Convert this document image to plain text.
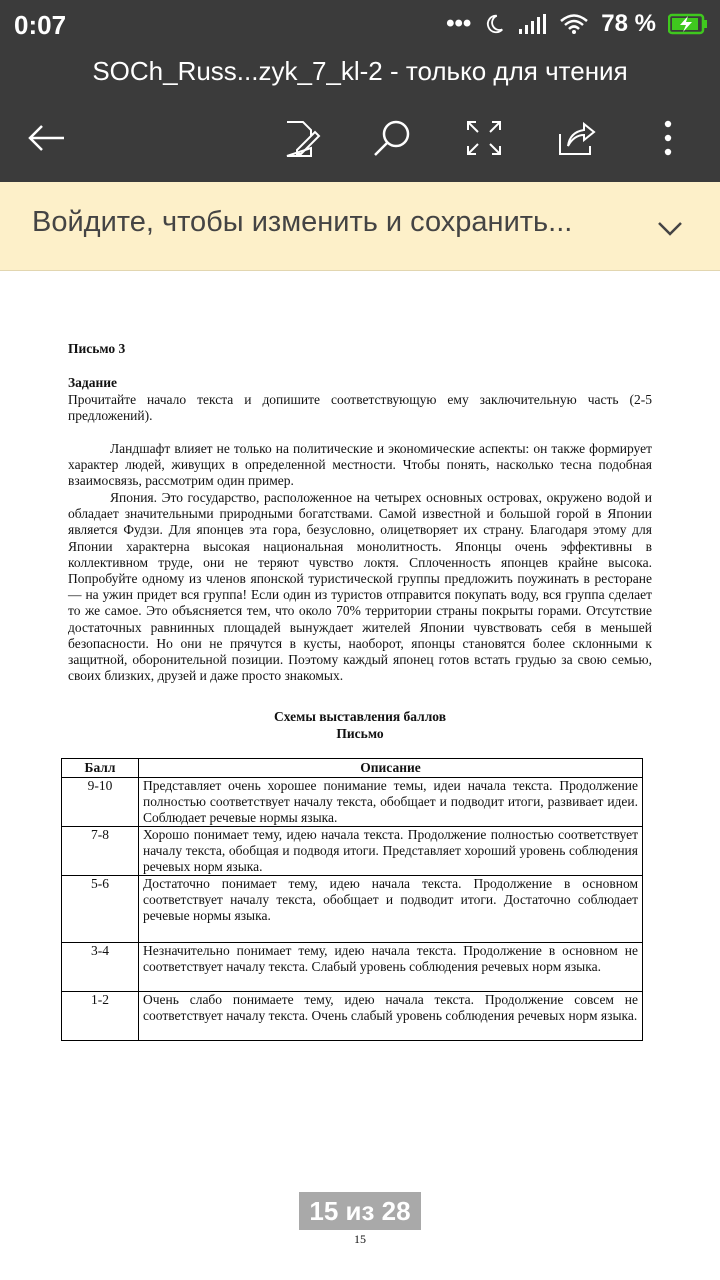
0:07	•••	78 %
SOCh_Russ...zyk_7_kl-2 - только для чтения
Войдите, чтобы изменить и сохранить...

Письмо 3

Задание

Прочитайте начало текста и допишите соответствующую ему заключительную часть (2-5 предложений).

Ландшафт влияет не только на политические и экономические аспекты: он также формирует характер людей, живущих в определенной местности. Чтобы понять, насколько тесна подобная взаимосвязь, рассмотрим один пример.

Япония. Это государство, расположенное на четырех основных островах, окружено водой и обладает значительными природными богатствами. Самой известной и большой горой в Японии является Фудзи. Для японцев эта гора, безусловно, олицетворяет их страну. Благодаря этому для Японии характерна высокая национальная монолитность. Японцы очень эффективны в коллективном труде, они не теряют чувство локтя. Сплоченность японцев крайне высока. Попробуйте одному из членов японской туристической группы предложить поужинать в ресторане — на ужин придет вся группа! Если один из туристов отправится покупать воду, вся группа сделает то же самое. Это объясняется тем, что около 70% территории страны покрыты горами. Отсутствие достаточных равнинных площадей вынуждает жителей Японии чувствовать себя в меньшей безопасности. Но они не прячутся в кусты, наоборот, японцы становятся более склонными к защитной, оборонительной позиции. Поэтому каждый японец готов встать грудью за свою семью, своих близких, друзей и даже просто знакомых.

Схемы выставления баллов

Письмо

Балл	Описание
9-10	Представляет очень хорошее понимание темы, идеи начала текста. Продолжение полностью соответствует началу текста, обобщает и подводит итоги, развивает идеи. Соблюдает речевые нормы языка.
7-8	Хорошо понимает тему, идею начала текста. Продолжение полностью соответствует началу текста, обобщая и подводя итоги. Представляет хороший уровень соблюдения речевых норм языка.
5-6	Достаточно понимает тему, идею начала текста. Продолжение в основном соответствует началу текста, обобщает и подводит итоги. Достаточно соблюдает речевые нормы языка.
3-4	Незначительно понимает тему, идею начала текста. Продолжение в основном не соответствует началу текста. Слабый уровень соблюдения речевых норм языка.
1-2	Очень слабо понимаете тему, идею начала текста. Продолжение совсем не соответствует началу текста. Очень слабый уровень соблюдения речевых норм языка.
15 из 28
15
